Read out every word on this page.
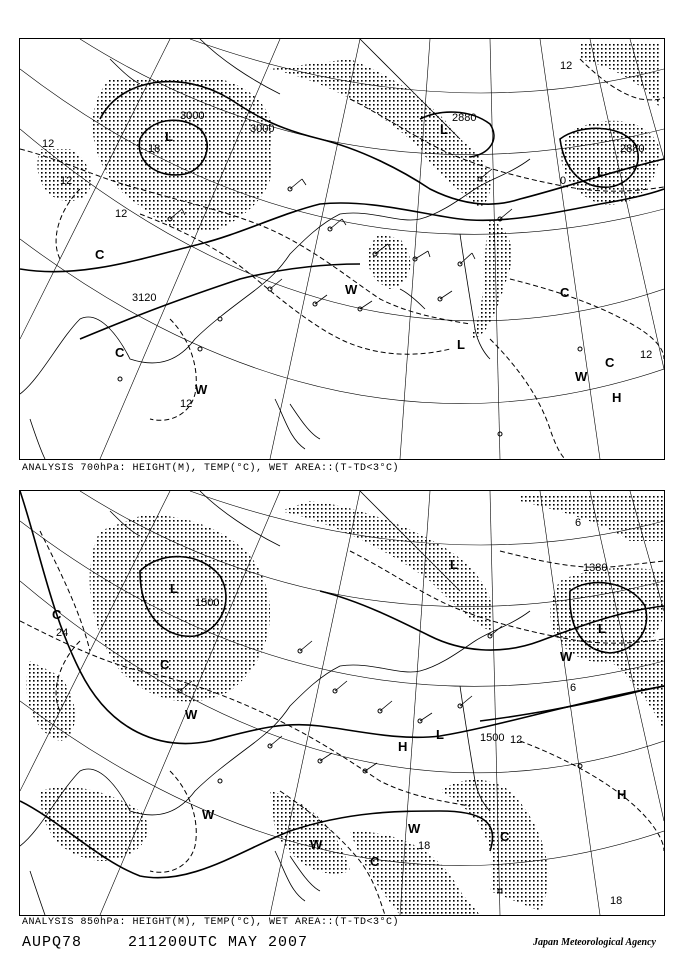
3000
3000
2880
2880
3120
12
12
12
12
18
0
12
12
L	L
L
L
C
C
C
C
W
W
W
H
ANALYSIS 700hPa: HEIGHT(M), TEMP(°C), WET AREA::(T-TD<3°C)
1380
1500
1500
24
12
18
18
6
6
L
L
L
L
H
H
C
C
C
C
W
W
W
W
W
ANALYSIS 850hPa: HEIGHT(M), TEMP(°C), WET AREA::(T-TD<3°C)
AUPQ78	211200UTC MAY 2007	Japan Meteorological Agency
